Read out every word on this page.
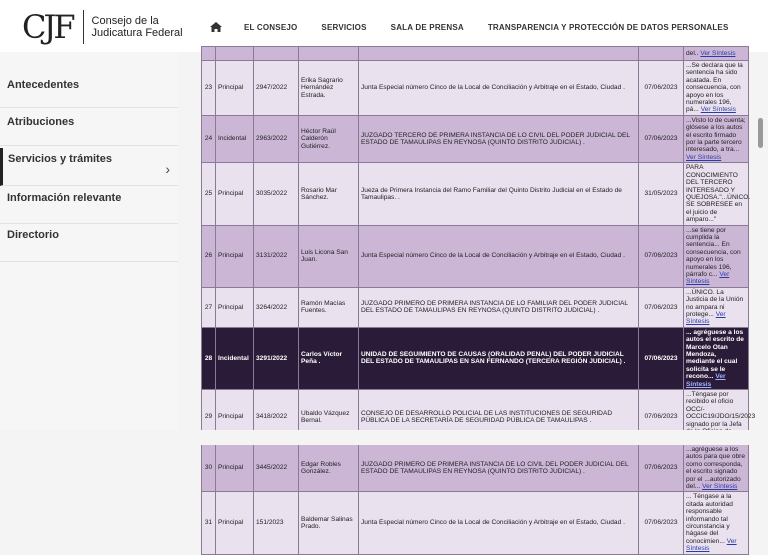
CJF Consejo de la
Judicatura Federal	EL CONSEJO	SERVICIOS	SALA DE PRENSA	TRANSPARENCIA Y PROTECCIÓN DE DATOS PERSONALES
Antecedentes
Atribuciones
Servicios y trámites
›
Información relevante
Directorio
						del.. Ver Síntesis
23	Principal	2947/2022	Erika Sagrario Hernández Estrada.	Junta Especial número Cinco de la Local de Conciliación y Arbitraje en el Estado, Ciudad .	07/06/2023	...Se declara que la sentencia ha sido acatada. En consecuencia, con apoyo en los numerales 196, pá... Ver Síntesis
24	Incidental	2963/2022	Héctor Raúl Calderón Gutiérrez.	JUZGADO TERCERO DE PRIMERA INSTANCIA DE LO CIVIL DEL PODER JUDICIAL DEL ESTADO DE TAMAULIPAS EN REYNOSA (QUINTO DISTRITO JUDICIAL) .	07/06/2023	...Visto lo de cuenta; glósese a los autos el escrito firmado por la parte tercero interesado, a tra... Ver Síntesis
25	Principal	3035/2022	Rosario Mar Sánchez.	Jueza de Primera Instancia del Ramo Familiar del Quinto Distrito Judicial en el Estado de Tamaulipas. .	31/05/2023	PARA CONOCIMIENTO DEL TERCERO INTERESADO Y QUEJOSA."...ÚNICO. SE SOBRESEE en el juicio de amparo..."
26	Principal	3131/2022	Luis Licona San Juan.	Junta Especial número Cinco de la Local de Conciliación y Arbitraje en el Estado, Ciudad .	07/06/2023	...se tiene por cumplida la sentencia... En consecuencia, con apoyo en los numerales 196, párrafo c... Ver Síntesis
27	Principal	3264/2022	Ramón Macías Fuentes.	JUZGADO PRIMERO DE PRIMERA INSTANCIA DE LO FAMILIAR DEL PODER JUDICIAL DEL ESTADO DE TAMAULIPAS EN REYNOSA (QUINTO DISTRITO JUDICIAL) .	07/06/2023	...ÚNICO. La Justicia de la Unión no ampara ni protege... Ver Síntesis
28	Incidental	3291/2022	Carlos Víctor Peña .	UNIDAD DE SEGUIMIENTO DE CAUSAS (ORALIDAD PENAL) DEL PODER JUDICIAL DEL ESTADO DE TAMAULIPAS EN SAN FERNANDO (TERCERA REGIÓN JUDICIAL) .	07/06/2023	... agréguese a los autos el escrito de Marcelo Otan Mendoza, mediante el cual solicita se le recono... Ver Síntesis
29	Principal	3418/2022	Ubaldo Vázquez Bernal.	CONSEJO DE DESARROLLO POLICIAL DE LAS INSTITUCIONES DE SEGURIDAD PÚBLICA DE LA SECRETARÍA DE SEGURIDAD PÚBLICA DE TAMAULIPAS .	07/06/2023	...Téngase por recibido el oficio OCC/-OCCIC19/JDO/15/2023 signado por la Jefa
30	Principal	3445/2022	Edgar Robles González.	JUZGADO PRIMERO DE PRIMERA INSTANCIA DE LO CIVIL DEL PODER JUDICIAL DEL ESTADO DE TAMAULIPAS EN REYNOSA (QUINTO DISTRITO JUDICIAL) .	07/06/2023	...agréguese a los autos para que obre como corresponda, el escrito signado por el ...autorizado del... Ver Síntesis
31	Principal	151/2023	Baldemar Salinas Prado.	Junta Especial número Cinco de la Local de Conciliación y Arbitraje en el Estado, Ciudad .	07/06/2023	... Téngase a la citada autoridad responsable informando tal circunstancia y hágase del conocimien... Ver Síntesis
